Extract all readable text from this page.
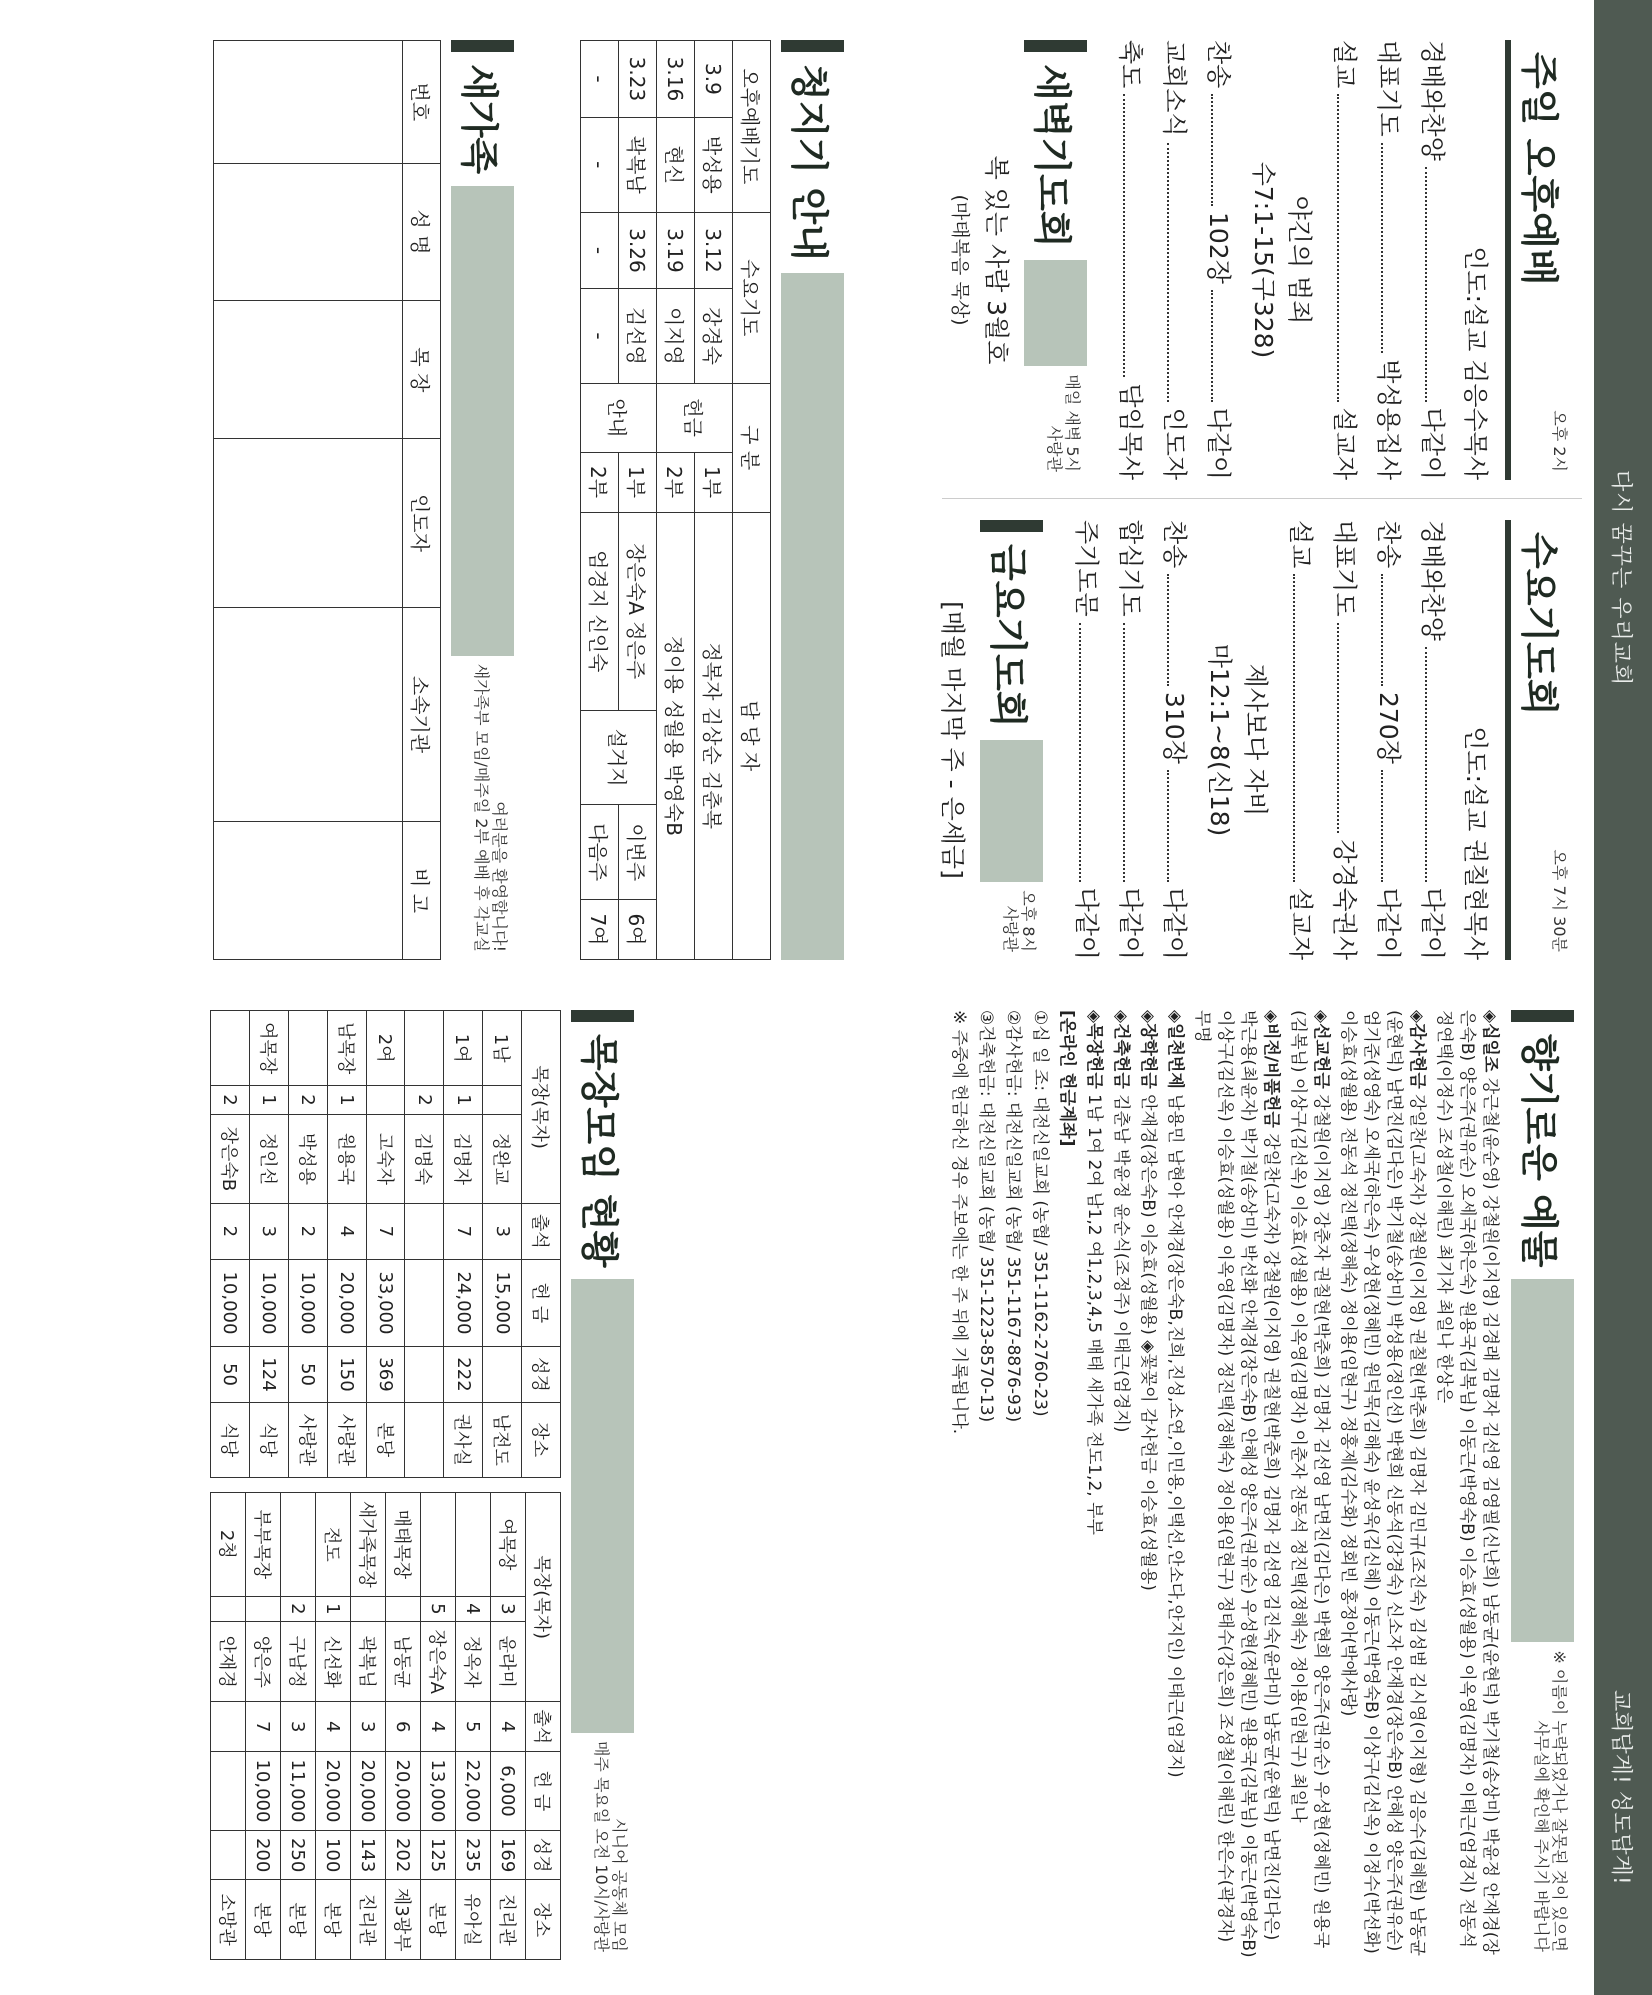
다시 꿈꾸는 우리교회
교회답게! 성도답게!
주일 오후예배
오후 2시
인도:설교 김응수목사
경배와찬양
다같이
대표기도
박성용집사
설교
설교자
야긴의 범죄
수7:1-15(구328)
찬송
102장
다같이
교회소식
인도자
축도
담임목사
새벽기도회
매일 새벽 5시
사랑관
복 있는 사람 3월호
(마태복음 묵상)
수요기도회
오후 7시 30분
인도:설교 권칠현목사
경배와찬양
다같이
찬송
270장
다같이
대표기도
강경숙권사
설교
설교자
제사보다 자비
마12:1~8(신18)
찬송
310장
다같이
합심기도
다같이
주기도문
다같이
금요기도회
오후 8시
사랑관
[매월 마지막 주 - 은세금]
청지기 안내
오후예배기도		수요기도		구 분		담 당 자			
3.9	박성용	3.12	강경숙	헌금	1부	정복자 김상순 김춘복			
3.16	현신	3.19	이지영		2부	정이용 성월용 박영숙B			
3.23	곽복남	3.26	김선영	안내	1부	장은숙A 정은주	설거지	이번주	6여
-	-	-	-		2부	엄경지 신인숙		다음주	7여
새가족
여러분을 환영합니다!
새가족부 모임/매주일 2부 예배 후 각교실
번호	성 명	목 장	인도자	소속기관	비 고

향기로운 예물
※ 이름이 누락되었거나 잘못된 것이 있으면
사무실에 확인해 주시기 바랍니다

◈십일조 강근철(윤순영) 강철원(이지영) 김경래 김명자 김선영 김영필(신난희) 남동균(윤현덕) 박기철(송상미) 박윤정 안재경(장은숙B) 양은주(권유순) 오세국(하은숙) 원용국(김복님) 이동근(박영숙B) 이승효(성월용) 이옥영(김명자) 이태근(엄경지) 전동석 정연택(이정수) 조성철(이해린) 최기자 최일나 한상은

◈감사헌금 강일찬(고숙자) 강철원(이지영) 권칠현(박춘희) 김명자 김민규(조진숙) 김성범 김시영(이지형) 김응수(김혜현) 남동균(윤현덕) 남면진(김다은) 박기철(송상미) 박성용(정인선) 박현희 신동석(강경숙) 신소자 안재경(장은숙B) 안혜성 양은주(권유순) 엄기준(성영숙) 오세국(하은숙) 우성현(정혜민) 원덕묵(김해숙) 윤성욱(김신혜) 이동근(박영숙B) 이상구(김선옥) 이정수(박선화) 이승효(성월용) 전동석 정진택(정해숙) 정이용(임현구) 정홍제(김수화) 정회빈 홍정아(박애사랑)

◈선교헌금 강철원(이지영) 강춘자 권칠현(박춘희) 김명자 김선영 남면진(김다은) 박현희 양은주(권유순) 우성현(정혜민) 원용국(김복님) 이상구(김선옥) 이승효(성월용) 이옥영(김명자) 이춘자 전동석 정진택(정해숙) 정이용(임현구) 최일나

◈비전/비품헌금 강일찬(고숙자) 강철원(이지영) 권칠현(박춘희) 김명자 김선영 김진숙(윤라미) 남동균(윤현덕) 남면진(김다은) 박근용(최윤자) 박기철(송상미) 박선화 안재경(장은숙B) 안혜성 양은주(권유순) 우성현(정혜민) 원용국(김복님) 이동근(박영숙B) 이상구(김선옥) 이승효(성월용) 이옥영(김명자) 정진택(정해숙) 정이용(임현구) 정태수(강은희) 조성철(이해린) 한은수(곽경자) 무명

◈일천번제 남용민 남현아 안재경(장은숙B,진희,진성,소연,이민용,이택선,안소다,안지인) 이태근(엄경지)

◈장학헌금 안재경(장은숙B) 이승효(성월용) ◈꽃꽂이 감사헌금 이승효(성월용)

◈건축헌금 김춘남 박윤정 윤순식(조정주) 이태근(엄경지)

◈목장헌금 1남 1여 2여 남1,2 여1,2,3,4,5 매태 새가족 전도1,2, 부부

[온라인 헌금계좌]

①십 일 조: 대전신일교회 (농협/ 351-1162-2760-23)

②감사헌금: 대전신일교회 (농협/ 351-1167-8876-93)

③건축헌금: 대전신일교회 (농협/ 351-1223-8570-13)

※ 주중에 헌금하신 경우 주보에는 한 주 뒤에 기록됩니다.

목장모임 현황
시니어 공동체 모임
매주 목요일 오전 10시/사랑관
목장(목자)			출석	헌 금	성경	장소
1남		정완교	3	15,000		남전도
1여	1	김명자	7	24,000	222	권사실
	2	김명숙				
2여		고숙자	7	33,000	369	본당
남목장	1	원용국	4	20,000	150	사랑관
	2	박성용	2	10,000	50	사랑관
여목장	1	정인선	3	10,000	124	식당
	2	장은숙B	2	10,000	50	식당
목장(목자)			출석	헌 금	성경	장소
여목장	3	윤라미	4	6,000	169	진리관
	4	정옥자	5	22,000	235	유아실
	5	장은숙A	4	13,000	125	본당
매태목장		남동균	6	20,000	202	제3광부
새가족목장		곽복님	3	20,000	143	진리관
전도	1	신선화	4	20,000	100	본당
	2	구남정	3	11,000	250	본당
부부목장		양은주	7	10,000	200	본당
2청		안재경				소망관
